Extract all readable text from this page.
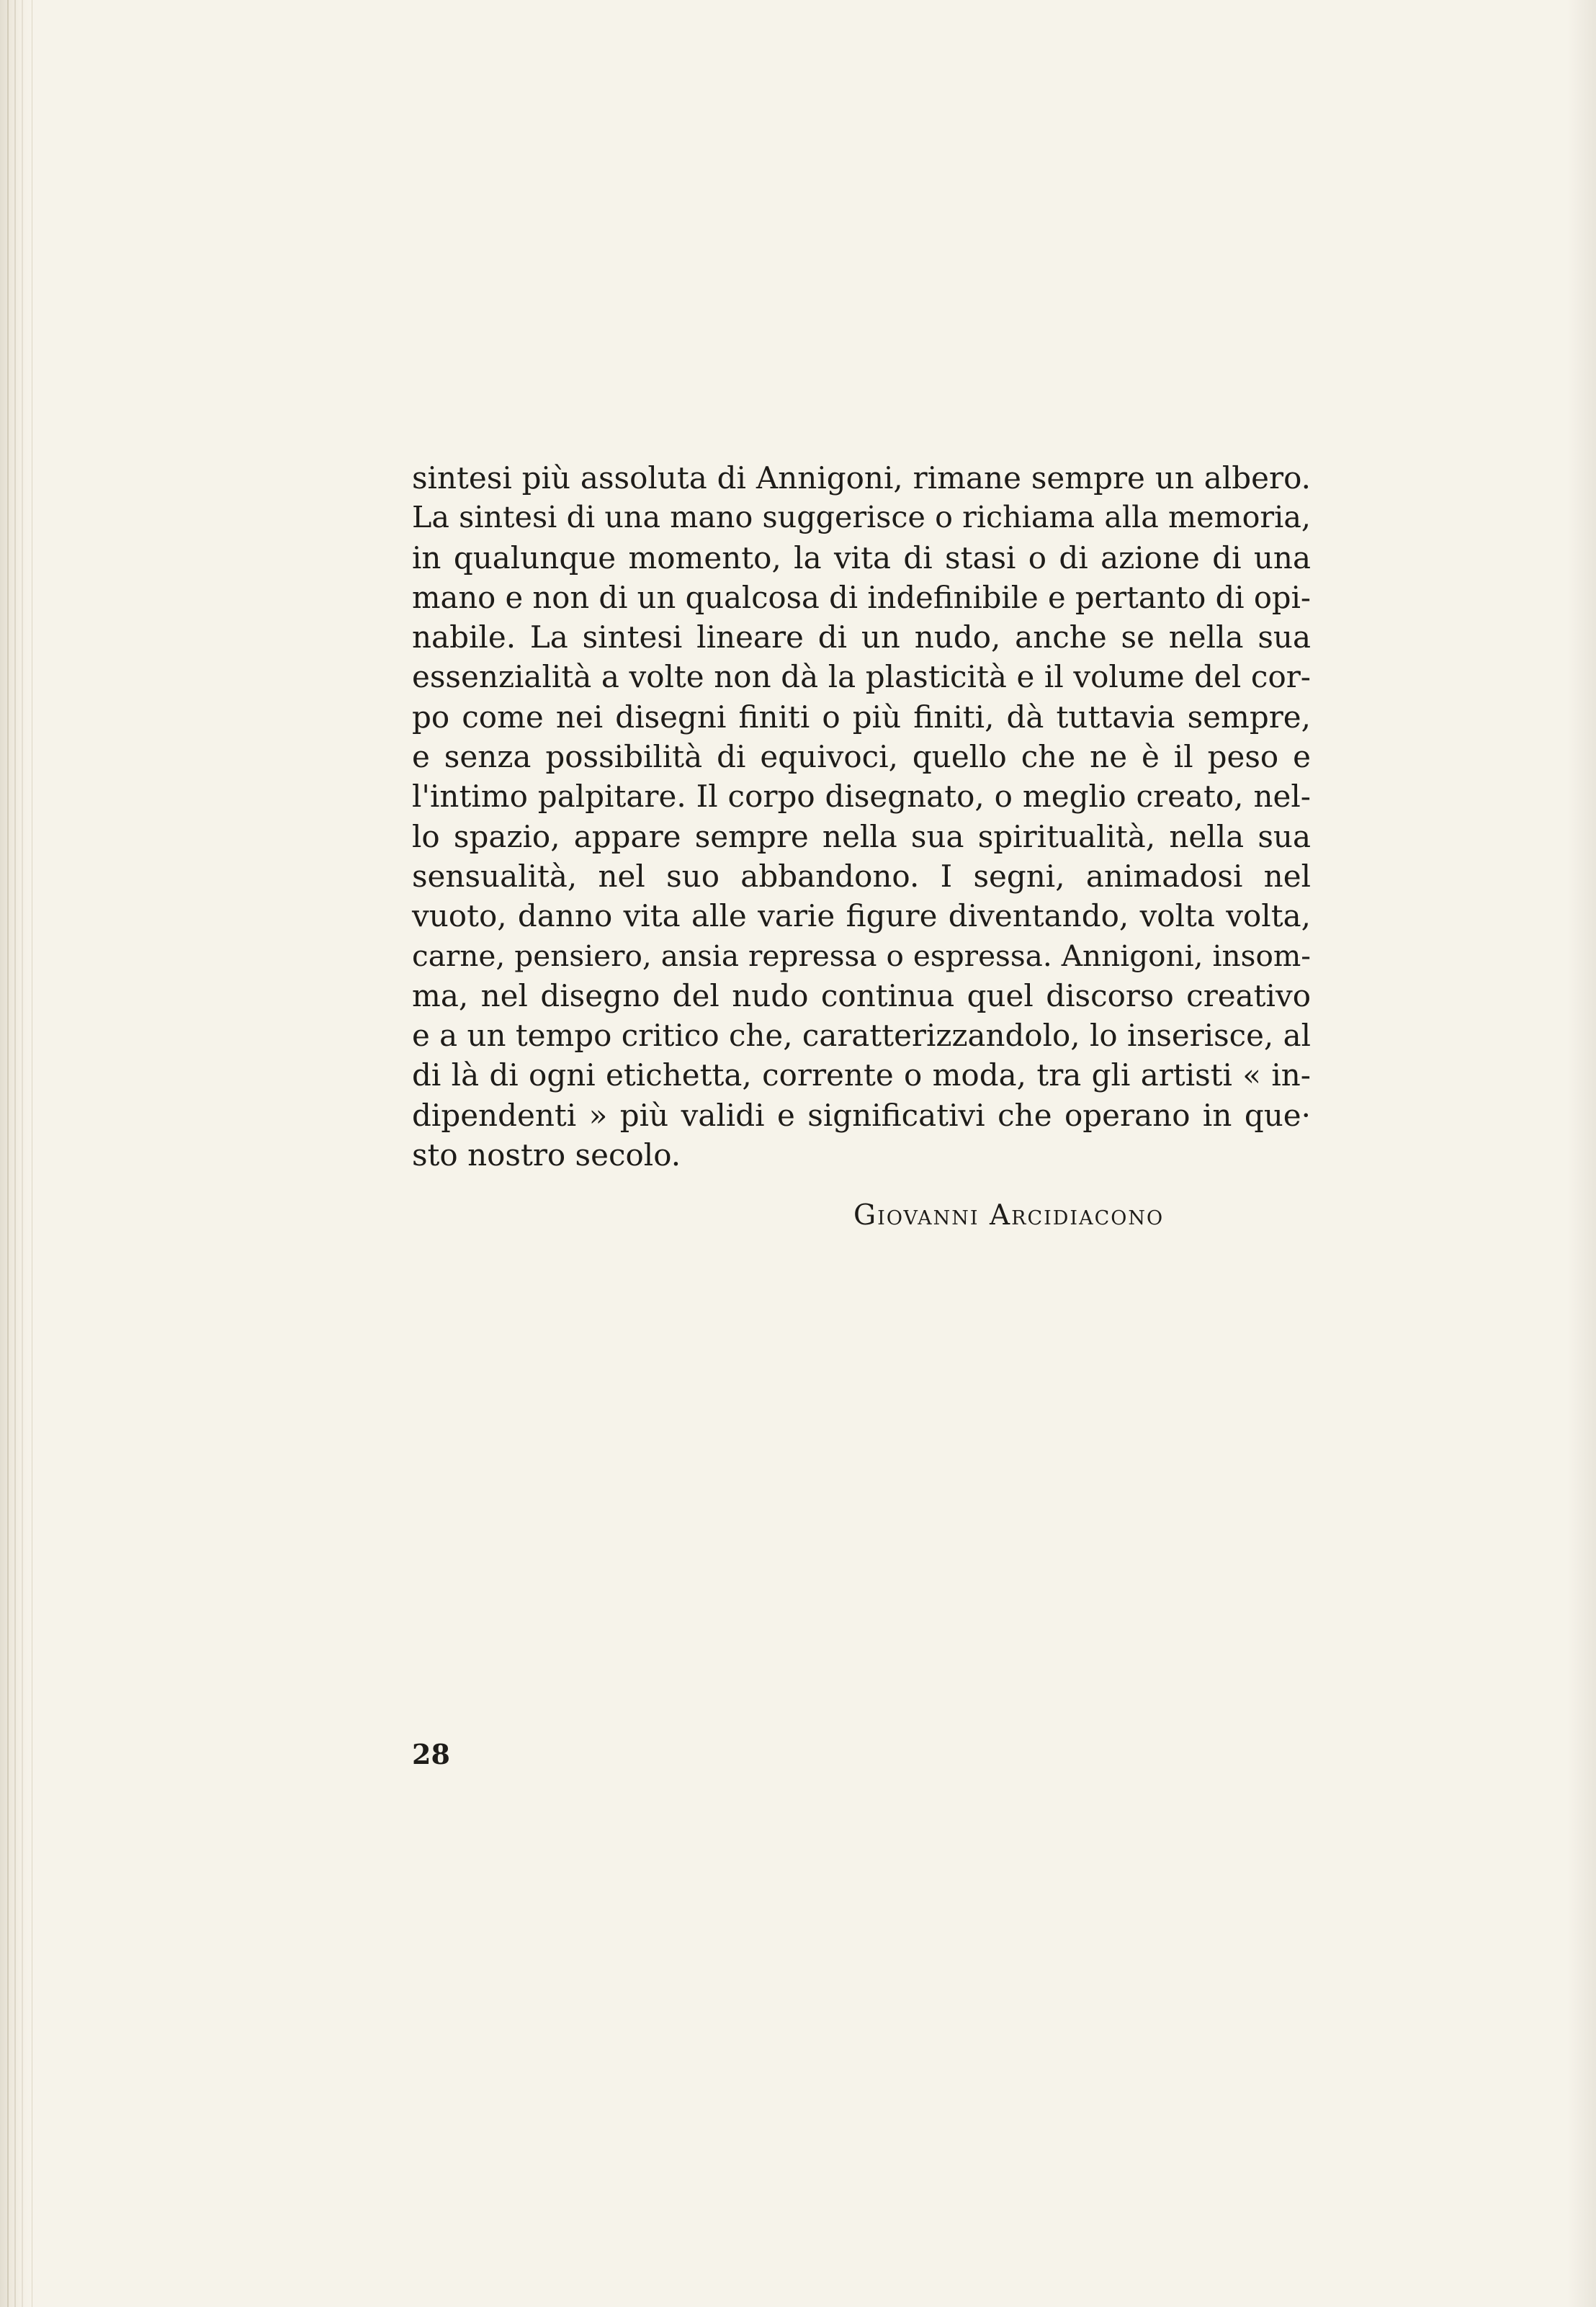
sintesi più assoluta di Annigoni, rimane sempre un albero.
La sintesi di una mano suggerisce o richiama alla memoria,
in qualunque momento, la vita di stasi o di azione di una
mano e non di un qualcosa di indefinibile e pertanto di opi-
nabile. La sintesi lineare di un nudo, anche se nella sua
essenzialità a volte non dà la plasticità e il volume del cor-
po come nei disegni finiti o più finiti, dà tuttavia sempre,
e senza possibilità di equivoci, quello che ne è il peso e
l'intimo palpitare. Il corpo disegnato, o meglio creato, nel-
lo spazio, appare sempre nella sua spiritualità, nella sua
sensualità, nel suo abbandono. I segni, animadosi nel
vuoto, danno vita alle varie figure diventando, volta volta,
carne, pensiero, ansia repressa o espressa. Annigoni, insom-
ma, nel disegno del nudo continua quel discorso creativo
e a un tempo critico che, caratterizzandolo, lo inserisce, al
di là di ogni etichetta, corrente o moda, tra gli artisti « in-
dipendenti » più validi e significativi che operano in que·
sto nostro secolo.
Giovanni Arcidiacono
28
